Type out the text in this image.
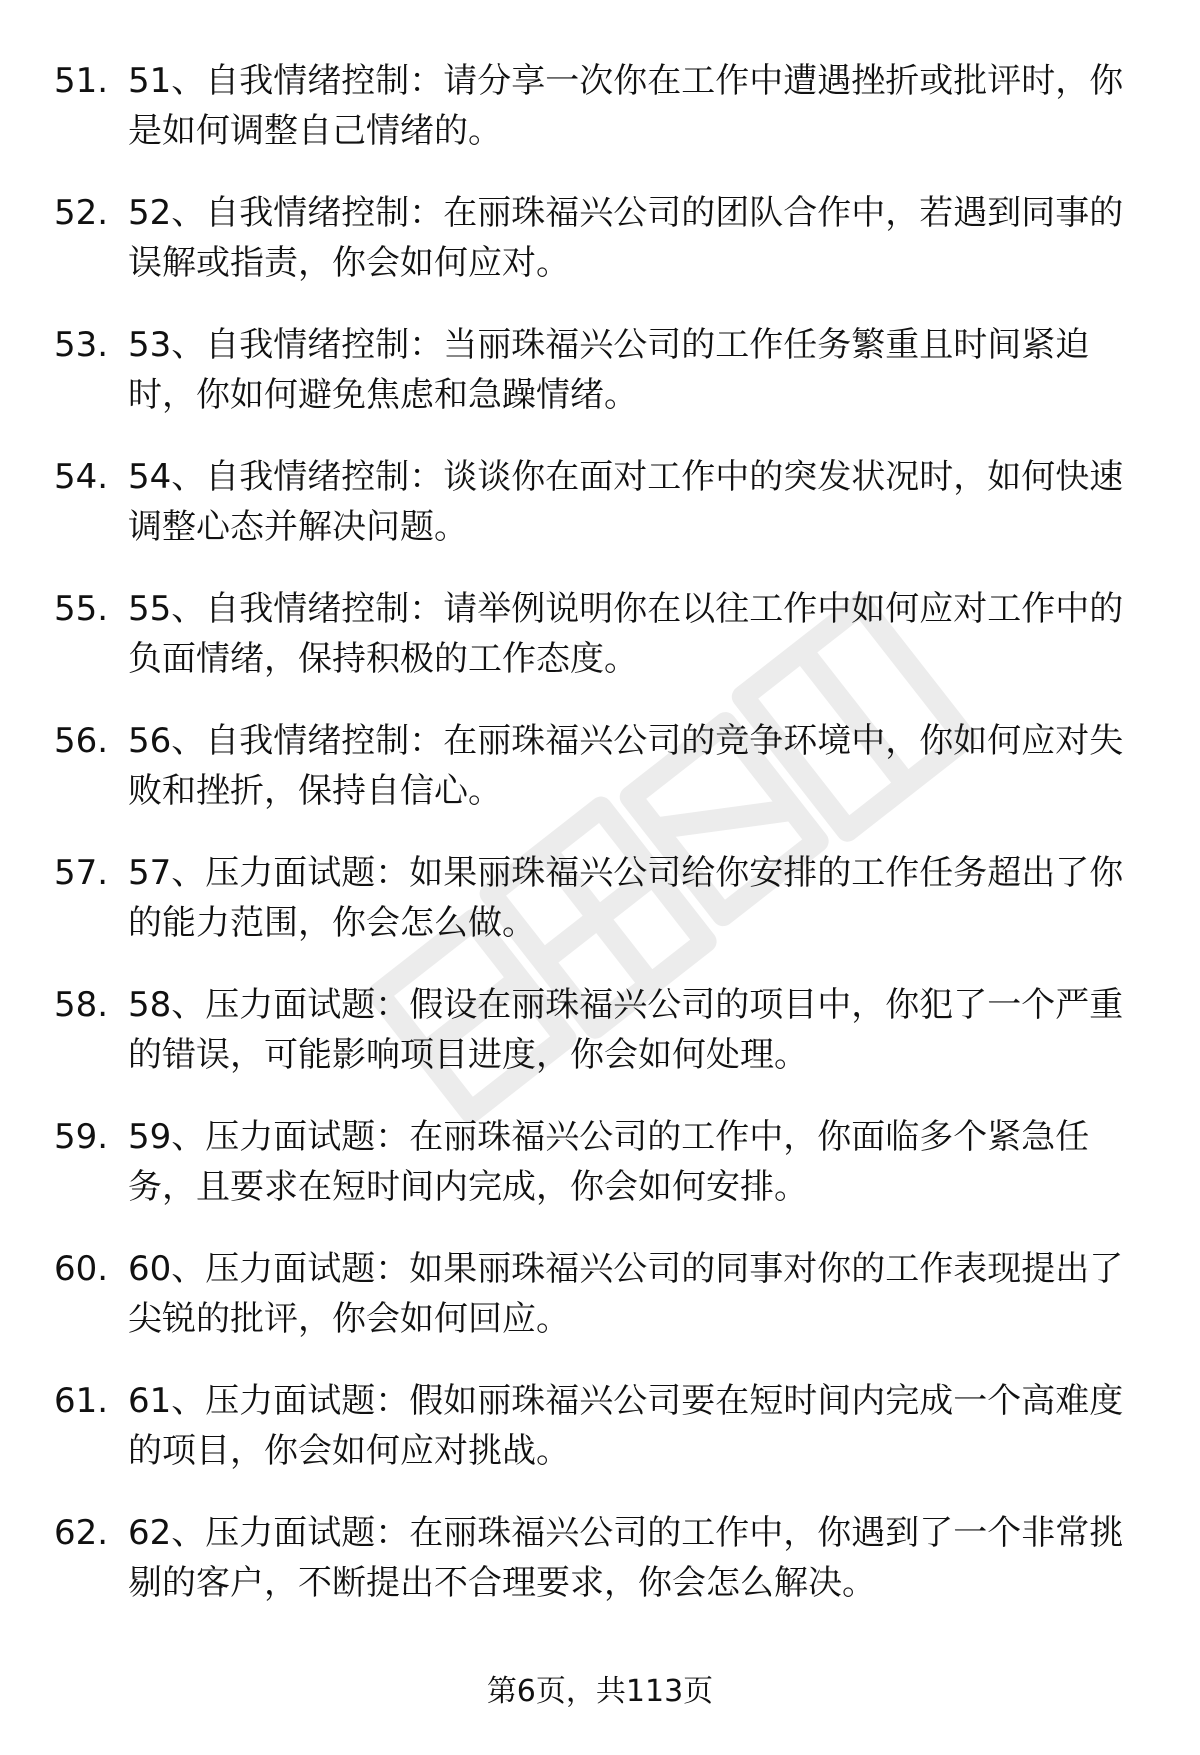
51. 51、自我情绪控制：请分享一次你在工作中遭遇挫折或批评时，你是如何调整自己情绪的。
52. 52、自我情绪控制：在丽珠福兴公司的团队合作中，若遇到同事的误解或指责，你会如何应对。
53. 53、自我情绪控制：当丽珠福兴公司的工作任务繁重且时间紧迫时，你如何避免焦虑和急躁情绪。
54. 54、自我情绪控制：谈谈你在面对工作中的突发状况时，如何快速调整心态并解决问题。
55. 55、自我情绪控制：请举例说明你在以往工作中如何应对工作中的负面情绪，保持积极的工作态度。
56. 56、自我情绪控制：在丽珠福兴公司的竞争环境中，你如何应对失败和挫折，保持自信心。
57. 57、压力面试题：如果丽珠福兴公司给你安排的工作任务超出了你的能力范围，你会怎么做。
58. 58、压力面试题：假设在丽珠福兴公司的项目中，你犯了一个严重的错误，可能影响项目进度，你会如何处理。
59. 59、压力面试题：在丽珠福兴公司的工作中，你面临多个紧急任务，且要求在短时间内完成，你会如何安排。
60. 60、压力面试题：如果丽珠福兴公司的同事对你的工作表现提出了尖锐的批评，你会如何回应。
61. 61、压力面试题：假如丽珠福兴公司要在短时间内完成一个高难度的项目，你会如何应对挑战。
62. 62、压力面试题：在丽珠福兴公司的工作中，你遇到了一个非常挑剔的客户，不断提出不合理要求，你会怎么解决。
第6页，共113页
